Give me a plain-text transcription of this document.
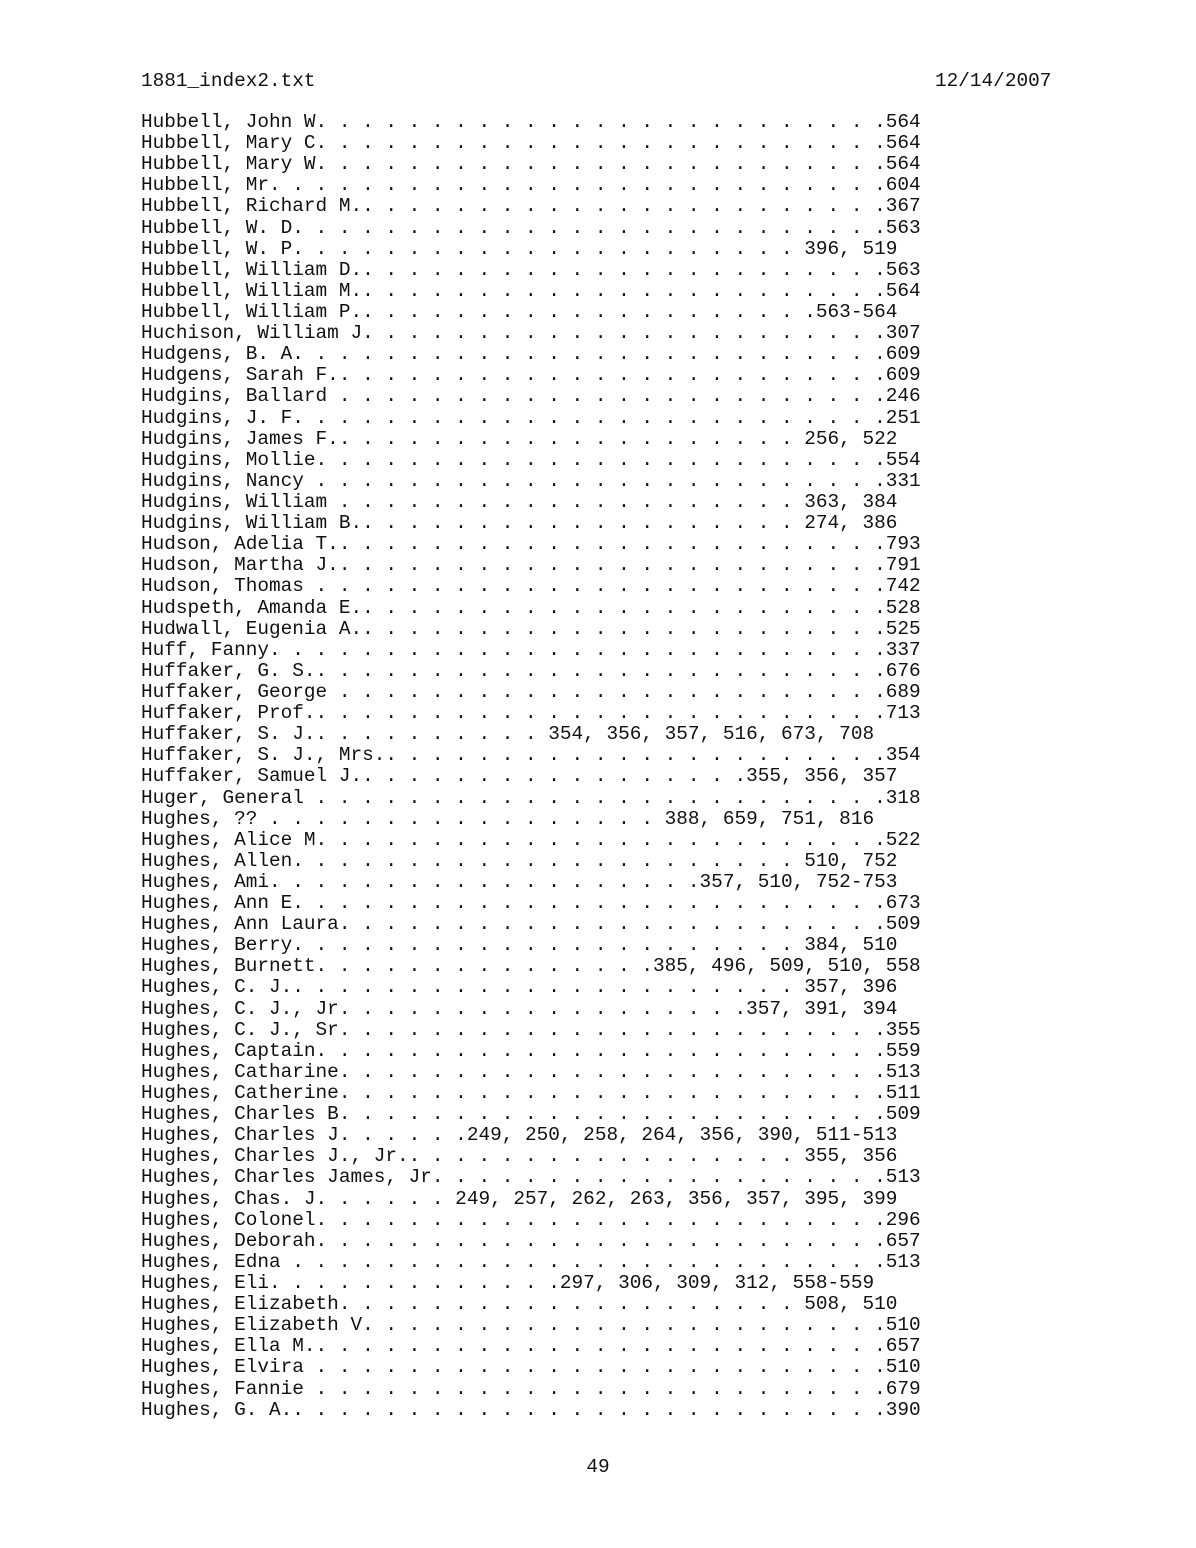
1881_index2.txt	12/14/2007
Hubbell, John W. . . . . . . . . . . . . . . . . . . . . . . . .564
Hubbell, Mary C. . . . . . . . . . . . . . . . . . . . . . . . .564
Hubbell, Mary W. . . . . . . . . . . . . . . . . . . . . . . . .564
Hubbell, Mr. . . . . . . . . . . . . . . . . . . . . . . . . . .604
Hubbell, Richard M.. . . . . . . . . . . . . . . . . . . . . . .367
Hubbell, W. D. . . . . . . . . . . . . . . . . . . . . . . . . .563
Hubbell, W. P. . . . . . . . . . . . . . . . . . . . . . 396, 519
Hubbell, William D.. . . . . . . . . . . . . . . . . . . . . . .563
Hubbell, William M.. . . . . . . . . . . . . . . . . . . . . . .564
Hubbell, William P.. . . . . . . . . . . . . . . . . . . .563-564
Huchison, William J. . . . . . . . . . . . . . . . . . . . . . .307
Hudgens, B. A. . . . . . . . . . . . . . . . . . . . . . . . . .609
Hudgens, Sarah F.. . . . . . . . . . . . . . . . . . . . . . . .609
Hudgins, Ballard . . . . . . . . . . . . . . . . . . . . . . . .246
Hudgins, J. F. . . . . . . . . . . . . . . . . . . . . . . . . .251
Hudgins, James F.. . . . . . . . . . . . . . . . . . . . 256, 522
Hudgins, Mollie. . . . . . . . . . . . . . . . . . . . . . . . .554
Hudgins, Nancy . . . . . . . . . . . . . . . . . . . . . . . . .331
Hudgins, William . . . . . . . . . . . . . . . . . . . . 363, 384
Hudgins, William B.. . . . . . . . . . . . . . . . . . . 274, 386
Hudson, Adelia T.. . . . . . . . . . . . . . . . . . . . . . . .793
Hudson, Martha J.. . . . . . . . . . . . . . . . . . . . . . . .791
Hudson, Thomas . . . . . . . . . . . . . . . . . . . . . . . . .742
Hudspeth, Amanda E.. . . . . . . . . . . . . . . . . . . . . . .528
Hudwall, Eugenia A.. . . . . . . . . . . . . . . . . . . . . . .525
Huff, Fanny. . . . . . . . . . . . . . . . . . . . . . . . . . .337
Huffaker, G. S.. . . . . . . . . . . . . . . . . . . . . . . . .676
Huffaker, George . . . . . . . . . . . . . . . . . . . . . . . .689
Huffaker, Prof.. . . . . . . . . . . . . . . . . . . . . . . . .713
Huffaker, S. J.. . . . . . . . . . 354, 356, 357, 516, 673, 708
Huffaker, S. J., Mrs.. . . . . . . . . . . . . . . . . . . . . .354
Huffaker, Samuel J.. . . . . . . . . . . . . . . . .355, 356, 357
Huger, General . . . . . . . . . . . . . . . . . . . . . . . . .318
Hughes, ?? . . . . . . . . . . . . . . . . . 388, 659, 751, 816
Hughes, Alice M. . . . . . . . . . . . . . . . . . . . . . . . .522
Hughes, Allen. . . . . . . . . . . . . . . . . . . . . . 510, 752
Hughes, Ami. . . . . . . . . . . . . . . . . . .357, 510, 752-753
Hughes, Ann E. . . . . . . . . . . . . . . . . . . . . . . . . .673
Hughes, Ann Laura. . . . . . . . . . . . . . . . . . . . . . . .509
Hughes, Berry. . . . . . . . . . . . . . . . . . . . . . 384, 510
Hughes, Burnett. . . . . . . . . . . . . . .385, 496, 509, 510, 558
Hughes, C. J.. . . . . . . . . . . . . . . . . . . . . . 357, 396
Hughes, C. J., Jr. . . . . . . . . . . . . . . . . .357, 391, 394
Hughes, C. J., Sr. . . . . . . . . . . . . . . . . . . . . . . .355
Hughes, Captain. . . . . . . . . . . . . . . . . . . . . . . . .559
Hughes, Catharine. . . . . . . . . . . . . . . . . . . . . . . .513
Hughes, Catherine. . . . . . . . . . . . . . . . . . . . . . . .511
Hughes, Charles B. . . . . . . . . . . . . . . . . . . . . . . .509
Hughes, Charles J. . . . . .249, 250, 258, 264, 356, 390, 511-513
Hughes, Charles J., Jr.. . . . . . . . . . . . . . . . . 355, 356
Hughes, Charles James, Jr. . . . . . . . . . . . . . . . . . . .513
Hughes, Chas. J. . . . . . 249, 257, 262, 263, 356, 357, 395, 399
Hughes, Colonel. . . . . . . . . . . . . . . . . . . . . . . . .296
Hughes, Deborah. . . . . . . . . . . . . . . . . . . . . . . . .657
Hughes, Edna . . . . . . . . . . . . . . . . . . . . . . . . . .513
Hughes, Eli. . . . . . . . . . . . .297, 306, 309, 312, 558-559
Hughes, Elizabeth. . . . . . . . . . . . . . . . . . . . 508, 510
Hughes, Elizabeth V. . . . . . . . . . . . . . . . . . . . . . .510
Hughes, Ella M.. . . . . . . . . . . . . . . . . . . . . . . . .657
Hughes, Elvira . . . . . . . . . . . . . . . . . . . . . . . . .510
Hughes, Fannie . . . . . . . . . . . . . . . . . . . . . . . . .679
Hughes, G. A.. . . . . . . . . . . . . . . . . . . . . . . . . .390
49
